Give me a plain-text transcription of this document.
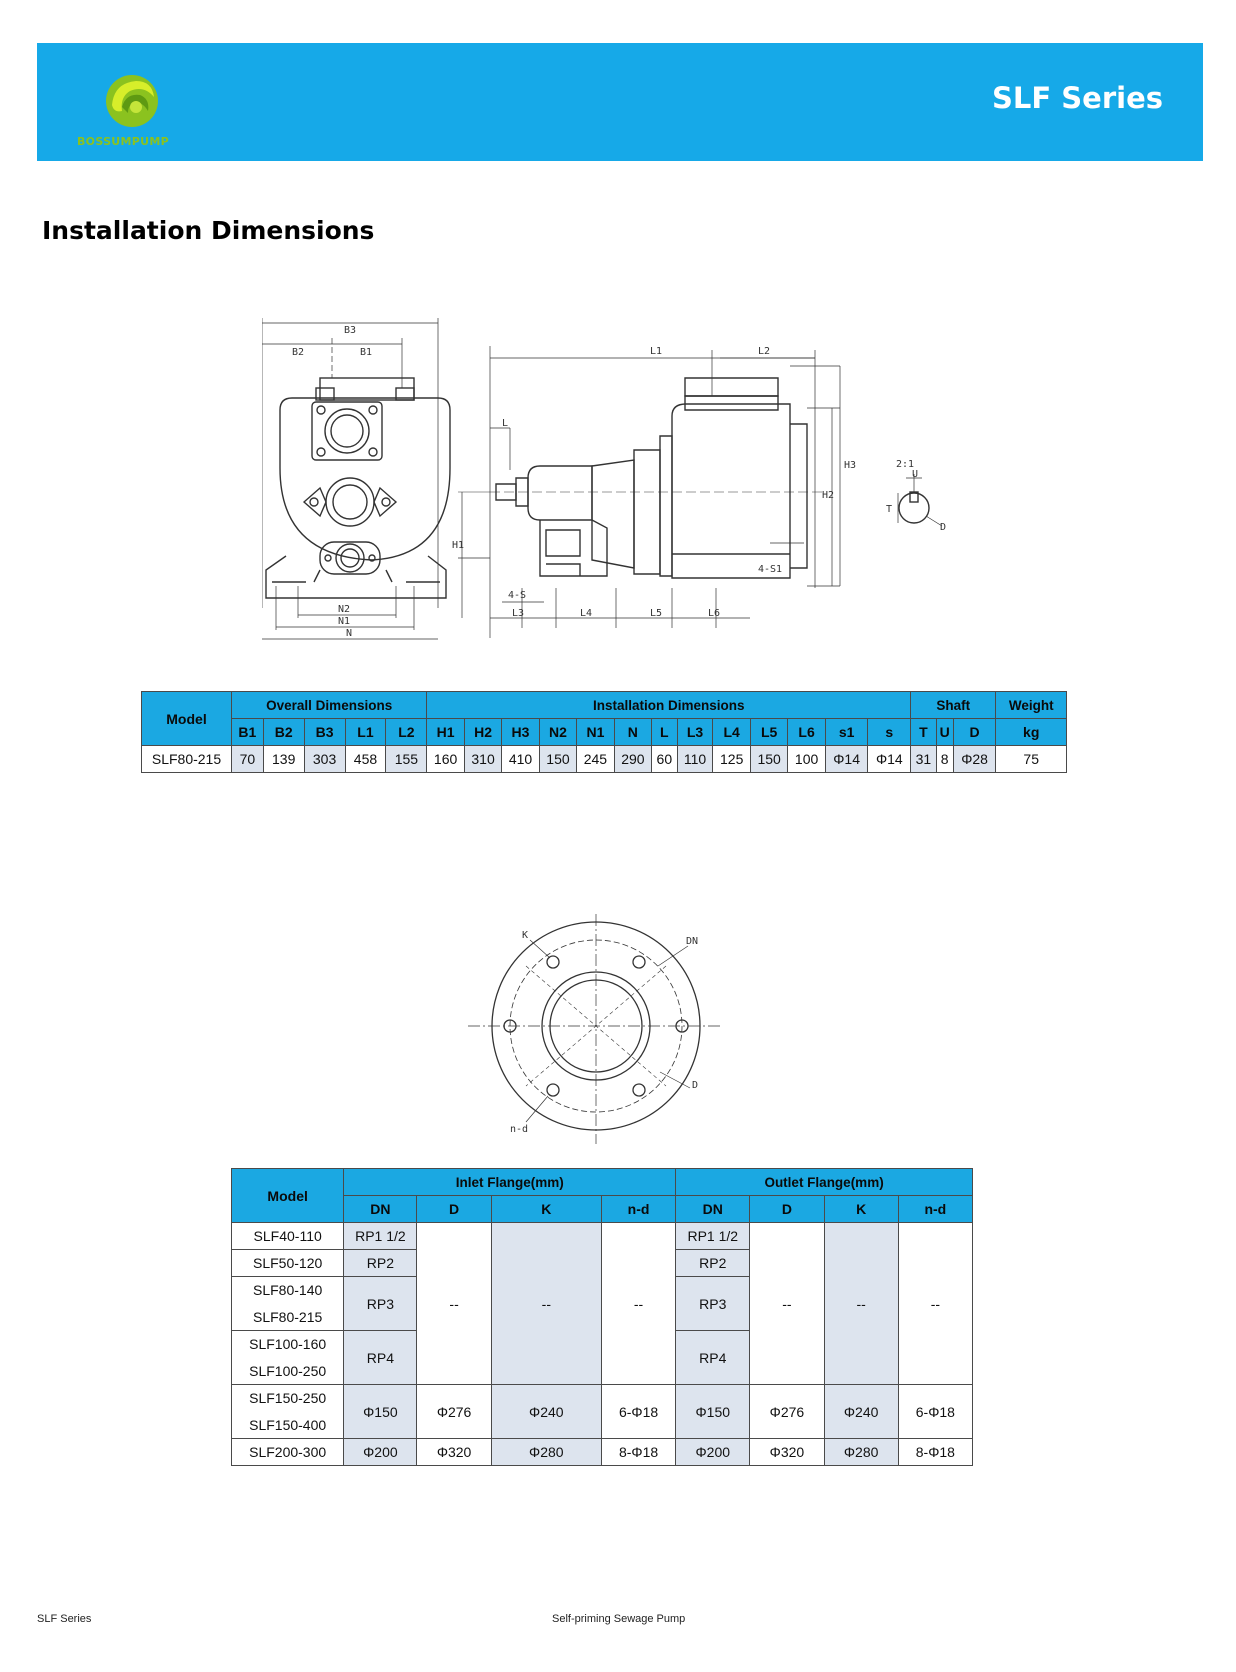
BOSSUMPUMP
SLF Series
Installation Dimensions
B3
B2	B1
N2
N1
N
L1	L2
L
H1
H2
H3
4-S
4-S1
L3	L4	L5	L6
2:1
U
T
D
Model	Overall Dimensions					Installation Dimensions													Shaft			Weight
	B1	B2	B3	L1	L2	H1	H2	H3	N2	N1	N	L	L3	L4	L5	L6	s1	s	T	U	D	kg
SLF80-215	70	139	303	458	155	160	310	410	150	245	290	60	110	125	150	100	Φ14	Φ14	31	8	Φ28	75
K
DN
D
n-d
Model	Inlet Flange(mm)				Outlet Flange(mm)			
	DN	D	K	n-d	DN	D	K	n-d
SLF40-110	RP1 1/2	--	--	--	RP1 1/2	--	--	--
SLF50-120	RP2				RP2			
SLF80-140	RP3				RP3			
SLF80-215								
SLF100-160	RP4				RP4			
SLF100-250								
SLF150-250	Φ150	Φ276	Φ240	6-Φ18	Φ150	Φ276	Φ240	6-Φ18
SLF150-400								
SLF200-300	Φ200	Φ320	Φ280	8-Φ18	Φ200	Φ320	Φ280	8-Φ18
SLF Series	Self-priming Sewage Pump
